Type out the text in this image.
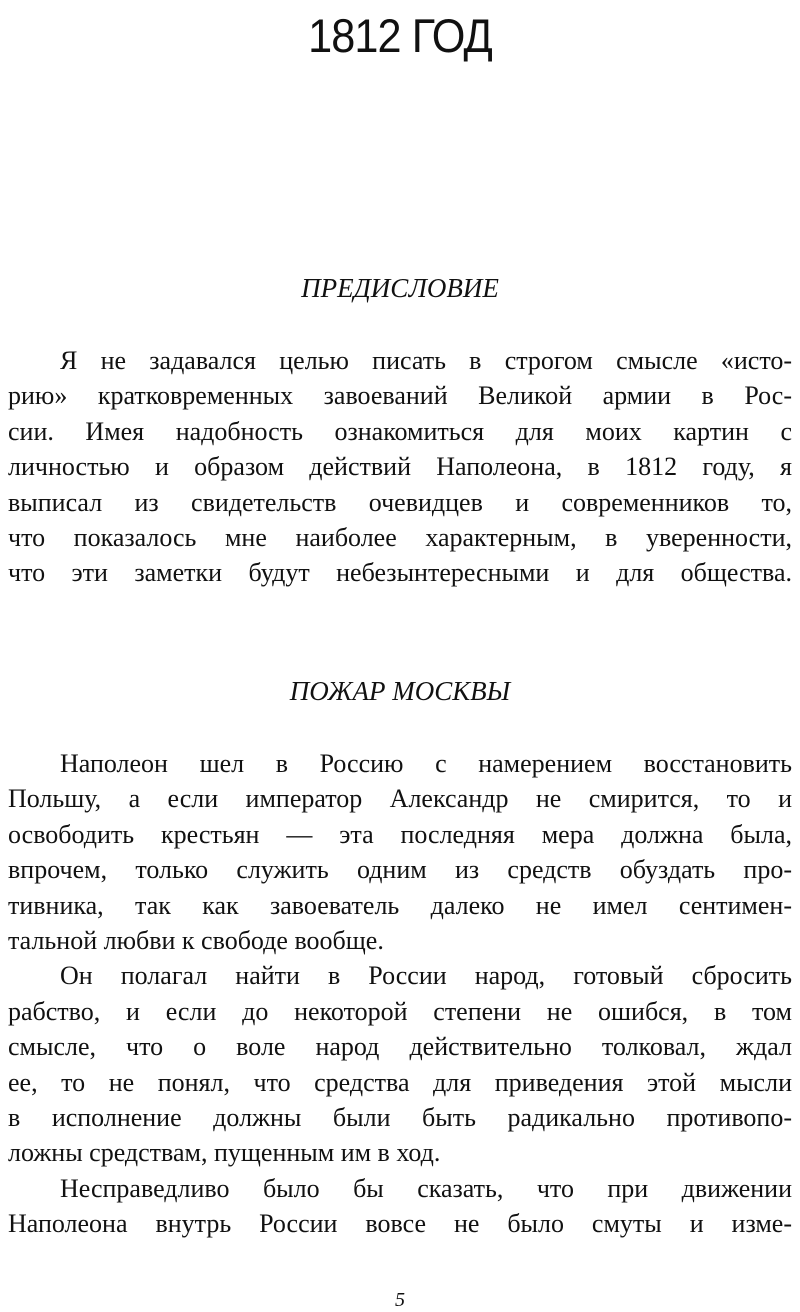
1812 ГОД
ПРЕДИСЛОВИЕ
Я не задавался целью писать в строгом смысле «исто-
рию» кратковременных завоеваний Великой армии в Рос-
сии. Имея надобность ознакомиться для моих картин с
личностью и образом действий Наполеона, в 1812 году, я
выписал из свидетельств очевидцев и современников то,
что показалось мне наиболее характерным, в уверенности,
что эти заметки будут небезынтересными и для общества.
ПОЖАР МОСКВЫ
Наполеон шел в Россию с намерением восстановить
Польшу, а если император Александр не смирится, то и
освободить крестьян — эта последняя мера должна была,
впрочем, только служить одним из средств обуздать про-
тивника, так как завоеватель далеко не имел сентимен-
тальной любви к свободе вообще.
Он полагал найти в России народ, готовый сбросить
рабство, и если до некоторой степени не ошибся, в том
смысле, что о воле народ действительно толковал, ждал
ее, то не понял, что средства для приведения этой мысли
в исполнение должны были быть радикально противопо-
ложны средствам, пущенным им в ход.
Несправедливо было бы сказать, что при движении
Наполеона внутрь России вовсе не было смуты и изме-
5
